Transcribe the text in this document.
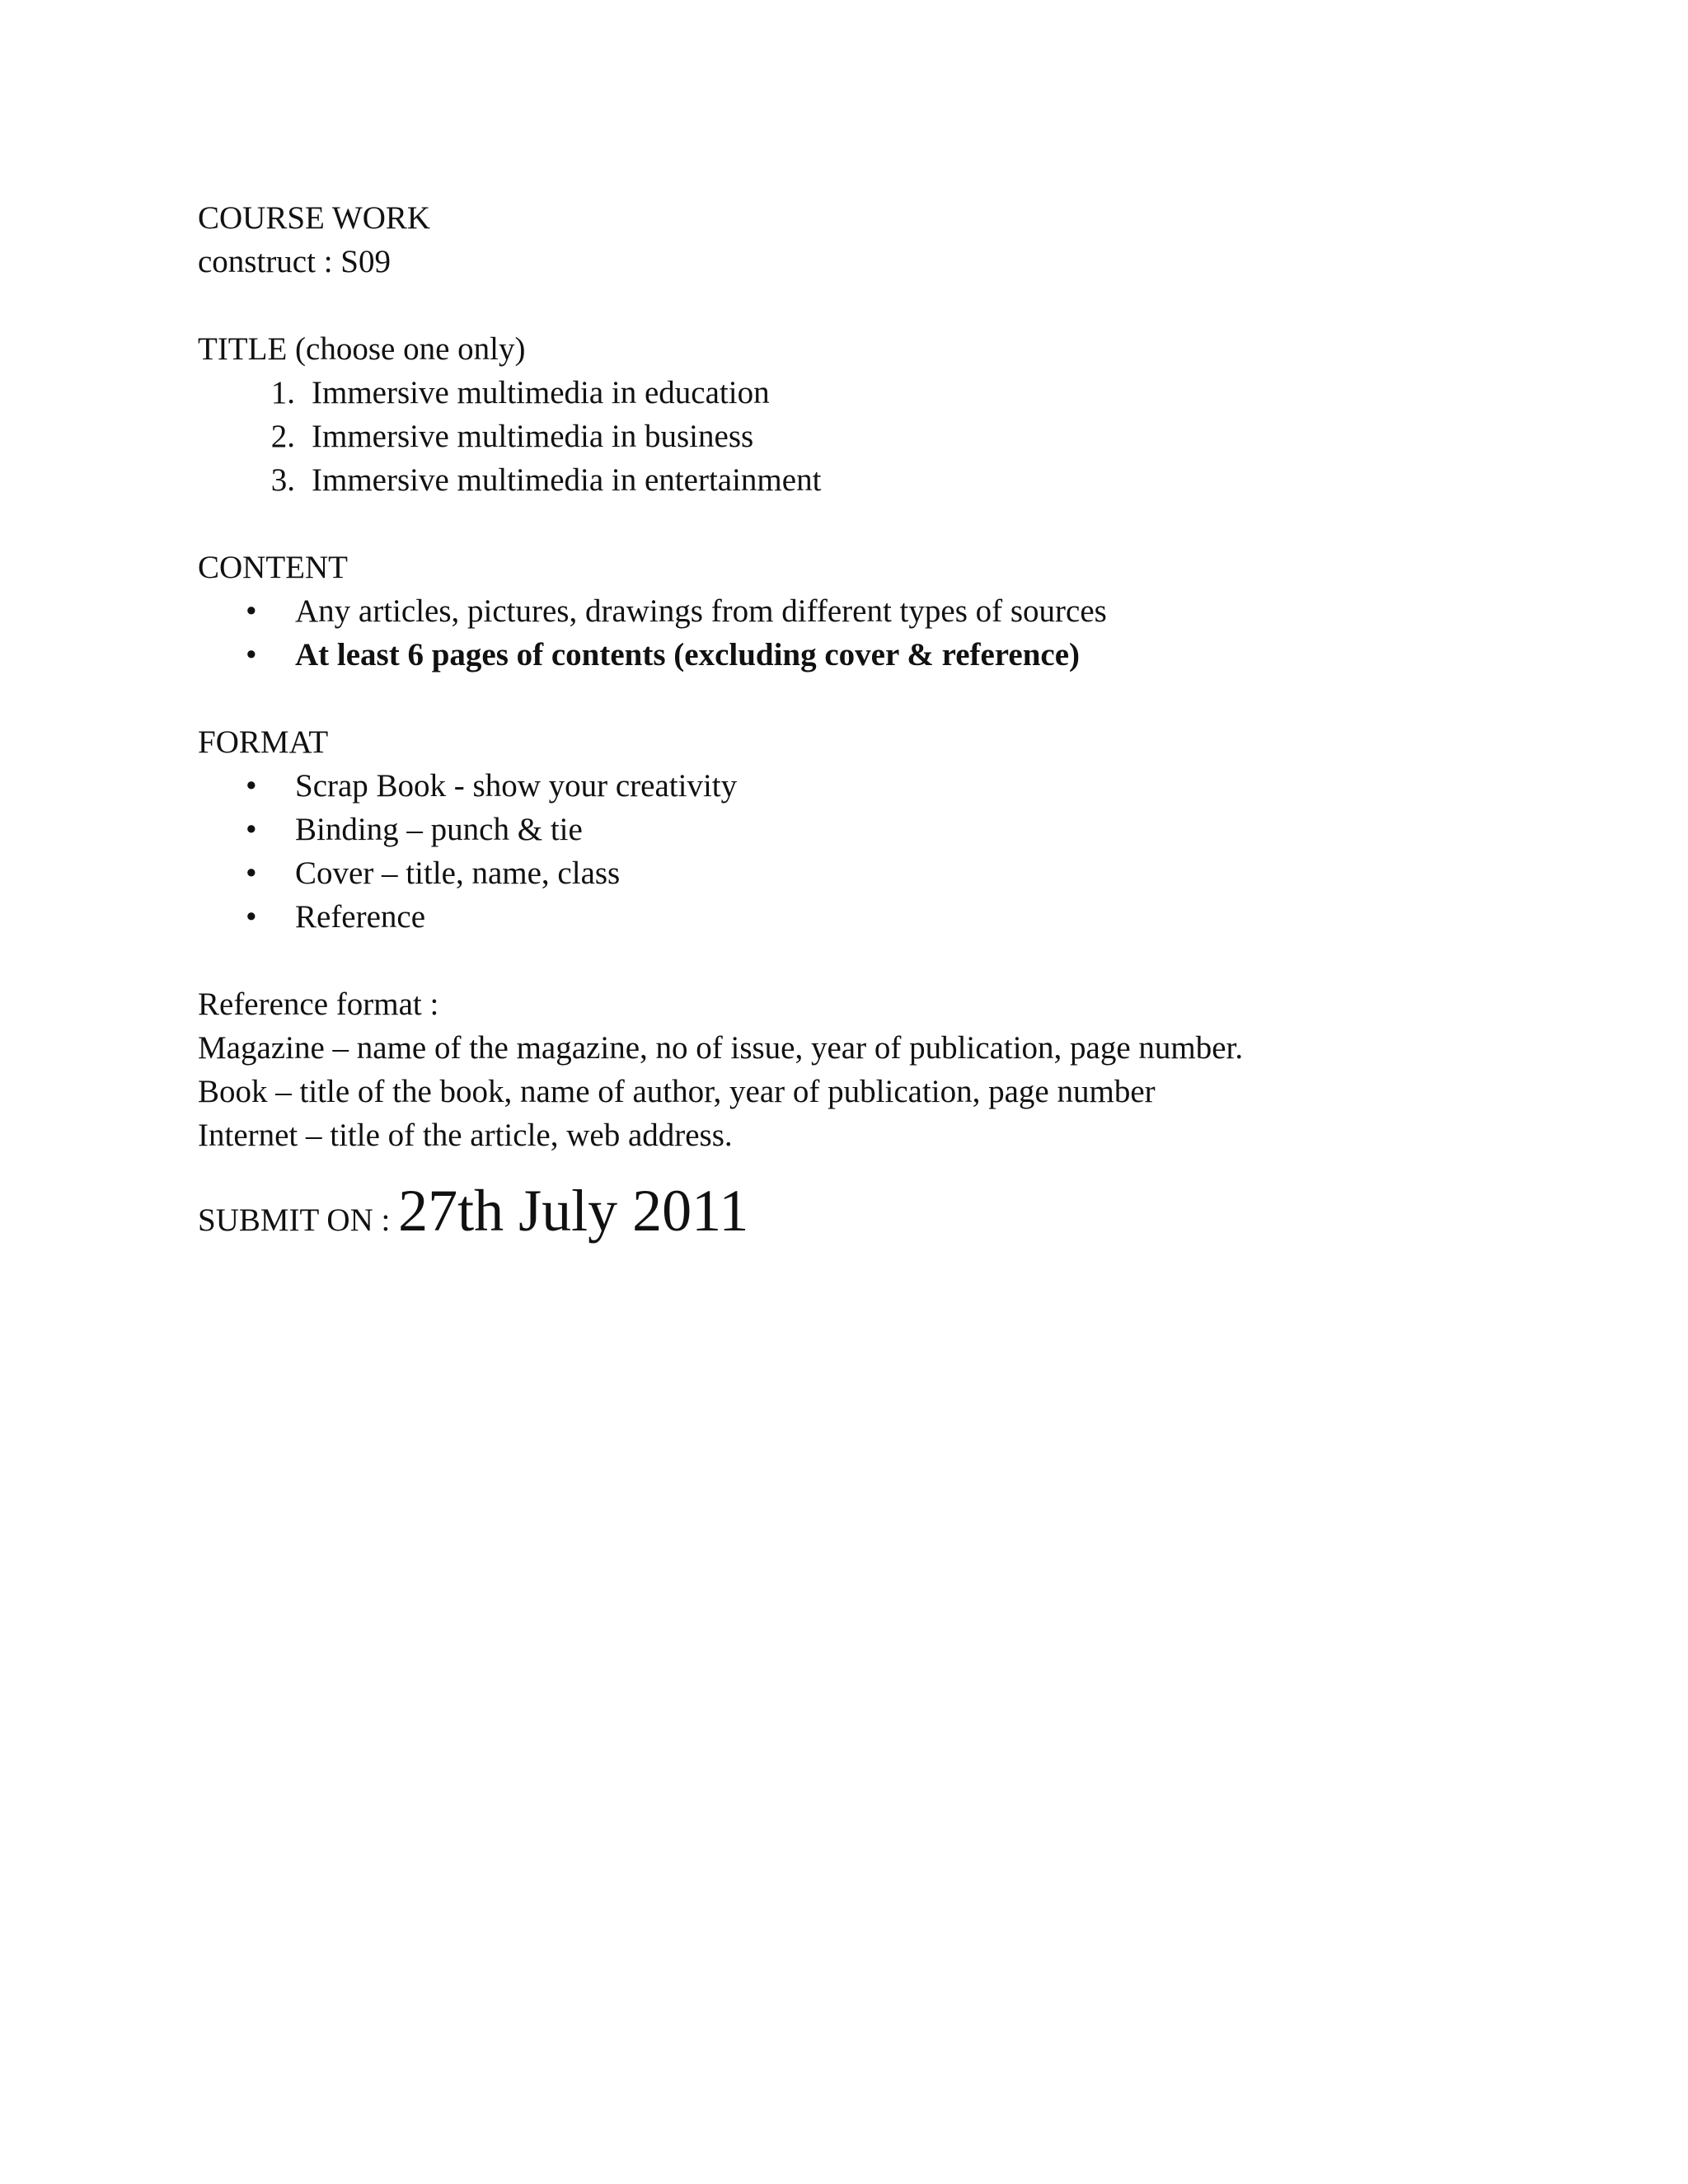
COURSE WORK
construct : S09
TITLE (choose one only)
1. Immersive multimedia in education
2. Immersive multimedia in business
3. Immersive multimedia in entertainment
CONTENT
• Any articles, pictures, drawings from different types of sources
• At least 6 pages of contents (excluding cover & reference)
FORMAT
• Scrap Book - show your creativity
• Binding – punch & tie
• Cover – title, name, class
• Reference
Reference format :
Magazine – name of the magazine, no of issue, year of publication, page number.
Book – title of the book, name of author, year of publication, page number
Internet – title of the article, web address.
SUBMIT ON : 27th July 2011
